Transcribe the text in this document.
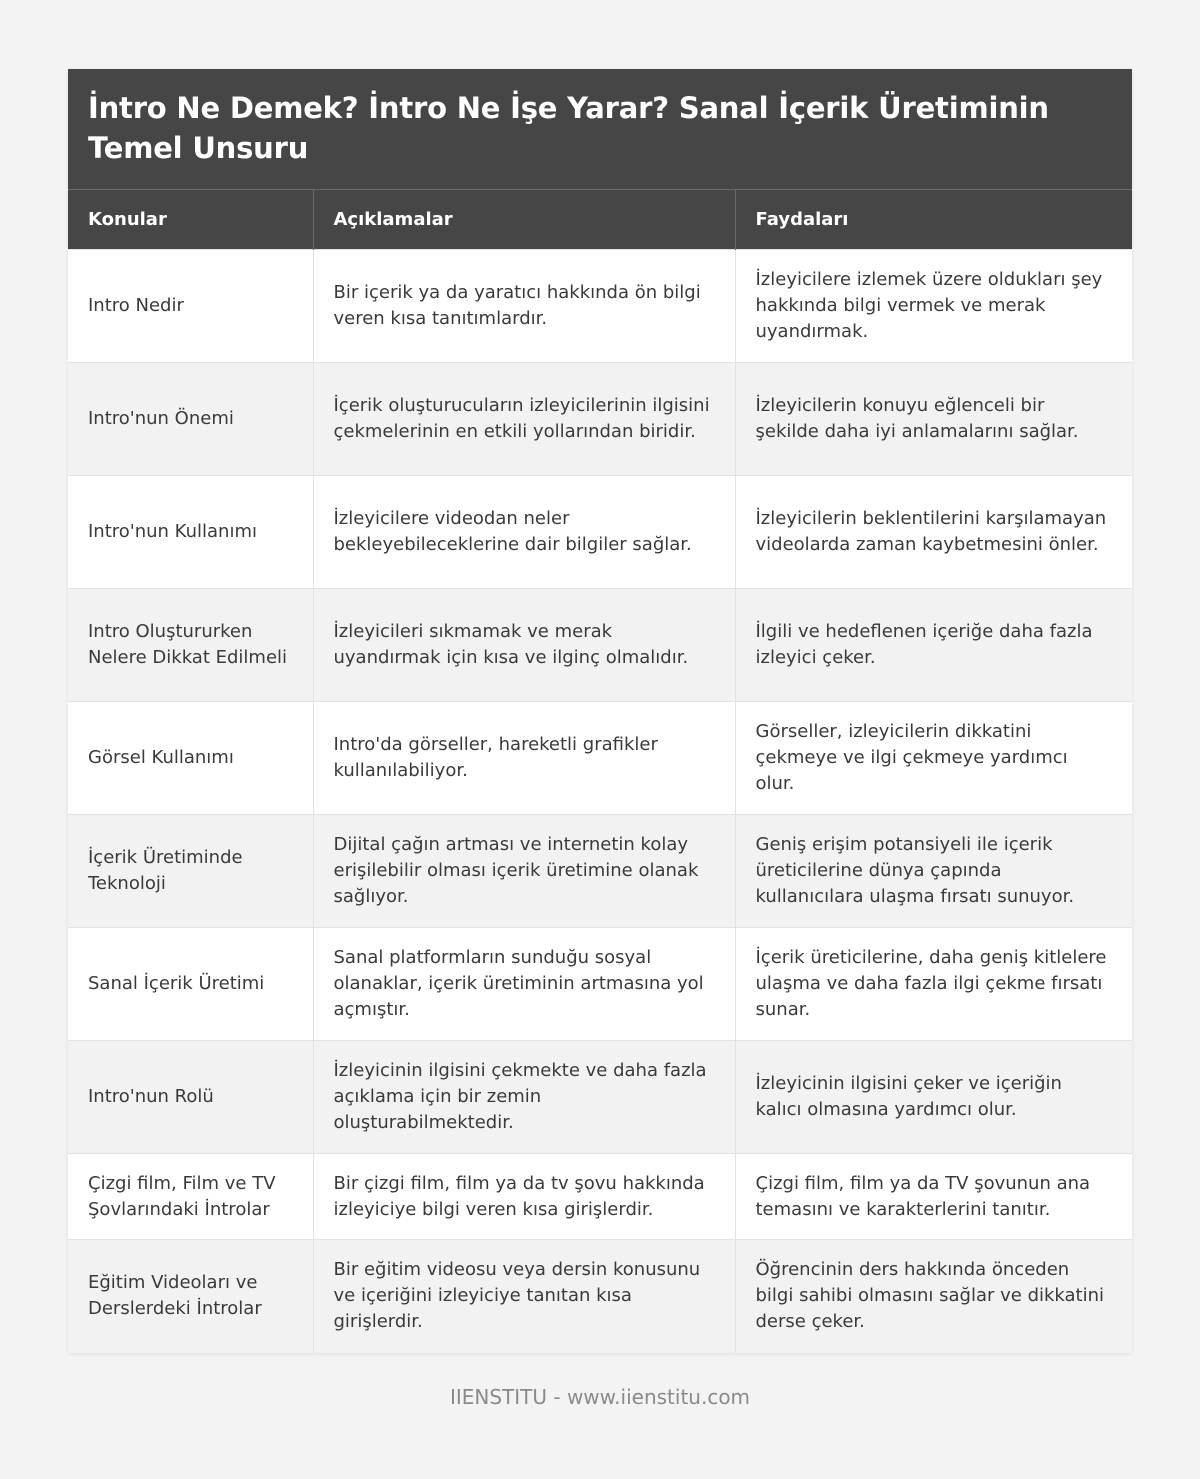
İntro Ne Demek? İntro Ne İşe Yarar? Sanal İçerik Üretiminin Temel Unsuru
Konular	Açıklamalar	Faydaları
Intro Nedir	Bir içerik ya da yaratıcı hakkında ön bilgi veren kısa tanıtımlardır.	İzleyicilere izlemek üzere oldukları şey hakkında bilgi vermek ve merak uyandırmak.
Intro'nun Önemi	İçerik oluşturucuların izleyicilerinin ilgisini çekmelerinin en etkili yollarından biridir.	İzleyicilerin konuyu eğlenceli bir şekilde daha iyi anlamalarını sağlar.
Intro'nun Kullanımı	İzleyicilere videodan neler bekleyebileceklerine dair bilgiler sağlar.	İzleyicilerin beklentilerini karşılamayan videolarda zaman kaybetmesini önler.
Intro Oluştururken Nelere Dikkat Edilmeli	İzleyicileri sıkmamak ve merak uyandırmak için kısa ve ilginç olmalıdır.	İlgili ve hedeflenen içeriğe daha fazla izleyici çeker.
Görsel Kullanımı	Intro'da görseller, hareketli grafikler kullanılabiliyor.	Görseller, izleyicilerin dikkatini çekmeye ve ilgi çekmeye yardımcı olur.
İçerik Üretiminde Teknoloji	Dijital çağın artması ve internetin kolay erişilebilir olması içerik üretimine olanak sağlıyor.	Geniş erişim potansiyeli ile içerik üreticilerine dünya çapında kullanıcılara ulaşma fırsatı sunuyor.
Sanal İçerik Üretimi	Sanal platformların sunduğu sosyal olanaklar, içerik üretiminin artmasına yol açmıştır.	İçerik üreticilerine, daha geniş kitlelere ulaşma ve daha fazla ilgi çekme fırsatı sunar.
Intro'nun Rolü	İzleyicinin ilgisini çekmekte ve daha fazla açıklama için bir zemin oluşturabilmektedir.	İzleyicinin ilgisini çeker ve içeriğin kalıcı olmasına yardımcı olur.
Çizgi film, Film ve TV Şovlarındaki İntrolar	Bir çizgi film, film ya da tv şovu hakkında izleyiciye bilgi veren kısa girişlerdir.	Çizgi film, film ya da TV şovunun ana temasını ve karakterlerini tanıtır.
Eğitim Videoları ve Derslerdeki İntrolar	Bir eğitim videosu veya dersin konusunu ve içeriğini izleyiciye tanıtan kısa girişlerdir.	Öğrencinin ders hakkında önceden bilgi sahibi olmasını sağlar ve dikkatini derse çeker.
IIENSTITU - www.iienstitu.com
